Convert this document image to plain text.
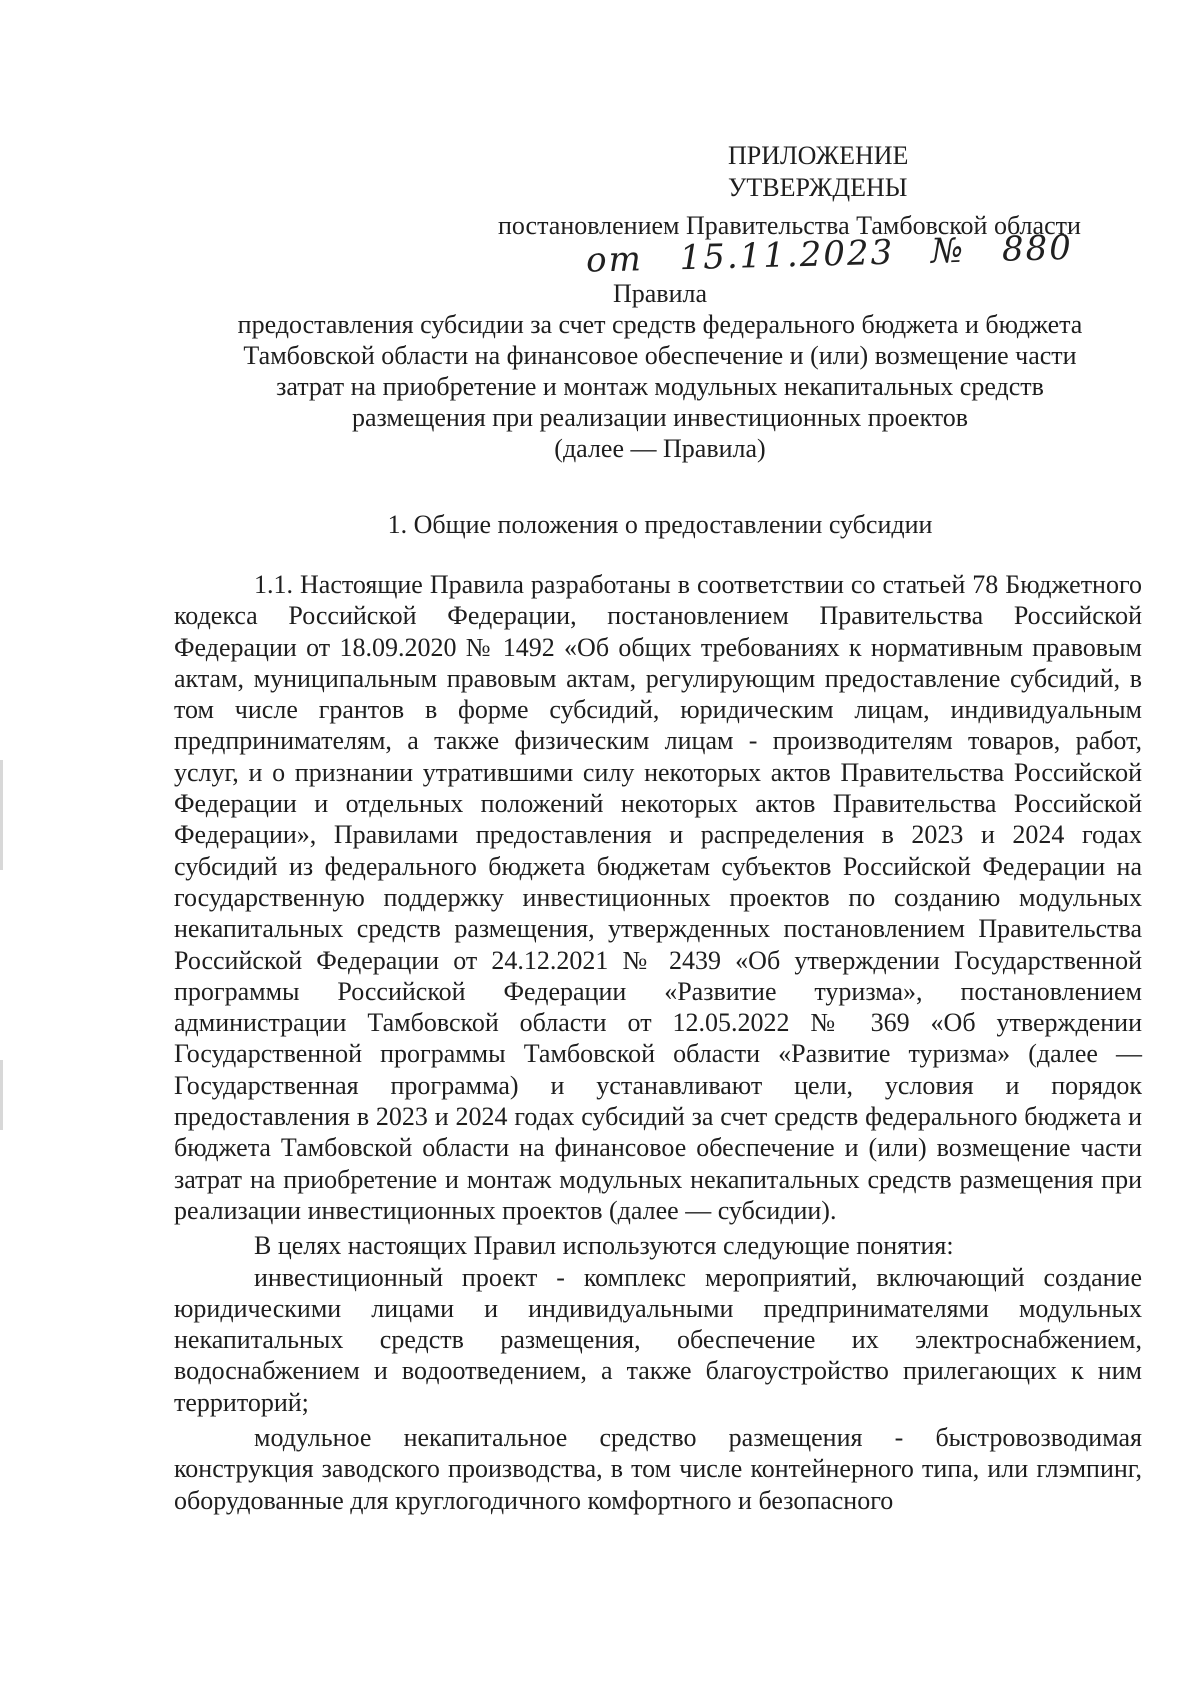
ПРИЛОЖЕНИЕ
УТВЕРЖДЕНЫ
постановлением Правительства Тамбовской области
от 15.11.2023 № 880
Правила
предоставления субсидии за счет средств федерального бюджета и бюджета
Тамбовской области на финансовое обеспечение и (или) возмещение части
затрат на приобретение и монтаж модульных некапитальных средств
размещения при реализации инвестиционных проектов
(далее — Правила)
1. Общие положения о предоставлении субсидии

1.1. Настоящие Правила разработаны в соответствии со статьей 78 Бюджетного кодекса Российской Федерации, постановлением Правительства Российской Федерации от 18.09.2020 № 1492 «Об общих требованиях к нормативным правовым актам, муниципальным правовым актам, регулирующим предоставление субсидий, в том числе грантов в форме субсидий, юридическим лицам, индивидуальным предпринимателям, а также физическим лицам - производителям товаров, работ, услуг, и о признании утратившими силу некоторых актов Правительства Российской Федерации и отдельных положений некоторых актов Правительства Российской Федерации», Правилами предоставления и распределения в 2023 и 2024 годах субсидий из федерального бюджета бюджетам субъектов Российской Федерации на государственную поддержку инвестиционных проектов по созданию модульных некапитальных средств размещения, утвержденных постановлением Правительства Российской Федерации от 24.12.2021 № 2439 «Об утверждении Государственной программы Российской Федерации «Развитие туризма», постановлением администрации Тамбовской области от 12.05.2022 № 369 «Об утверждении Государственной программы Тамбовской области «Развитие туризма» (далее — Государственная программа) и устанавливают цели, условия и порядок предоставления в 2023 и 2024 годах субсидий за счет средств федерального бюджета и бюджета Тамбовской области на финансовое обеспечение и (или) возмещение части затрат на приобретение и монтаж модульных некапитальных средств размещения при реализации инвестиционных проектов (далее — субсидии).

В целях настоящих Правил используются следующие понятия:

инвестиционный проект - комплекс мероприятий, включающий создание юридическими лицами и индивидуальными предпринимателями модульных некапитальных средств размещения, обеспечение их электроснабжением, водоснабжением и водоотведением, а также благоустройство прилегающих к ним территорий;

модульное некапитальное средство размещения - быстровозводимая конструкция заводского производства, в том числе контейнерного типа, или глэмпинг, оборудованные для круглогодичного комфортного и безопасного
